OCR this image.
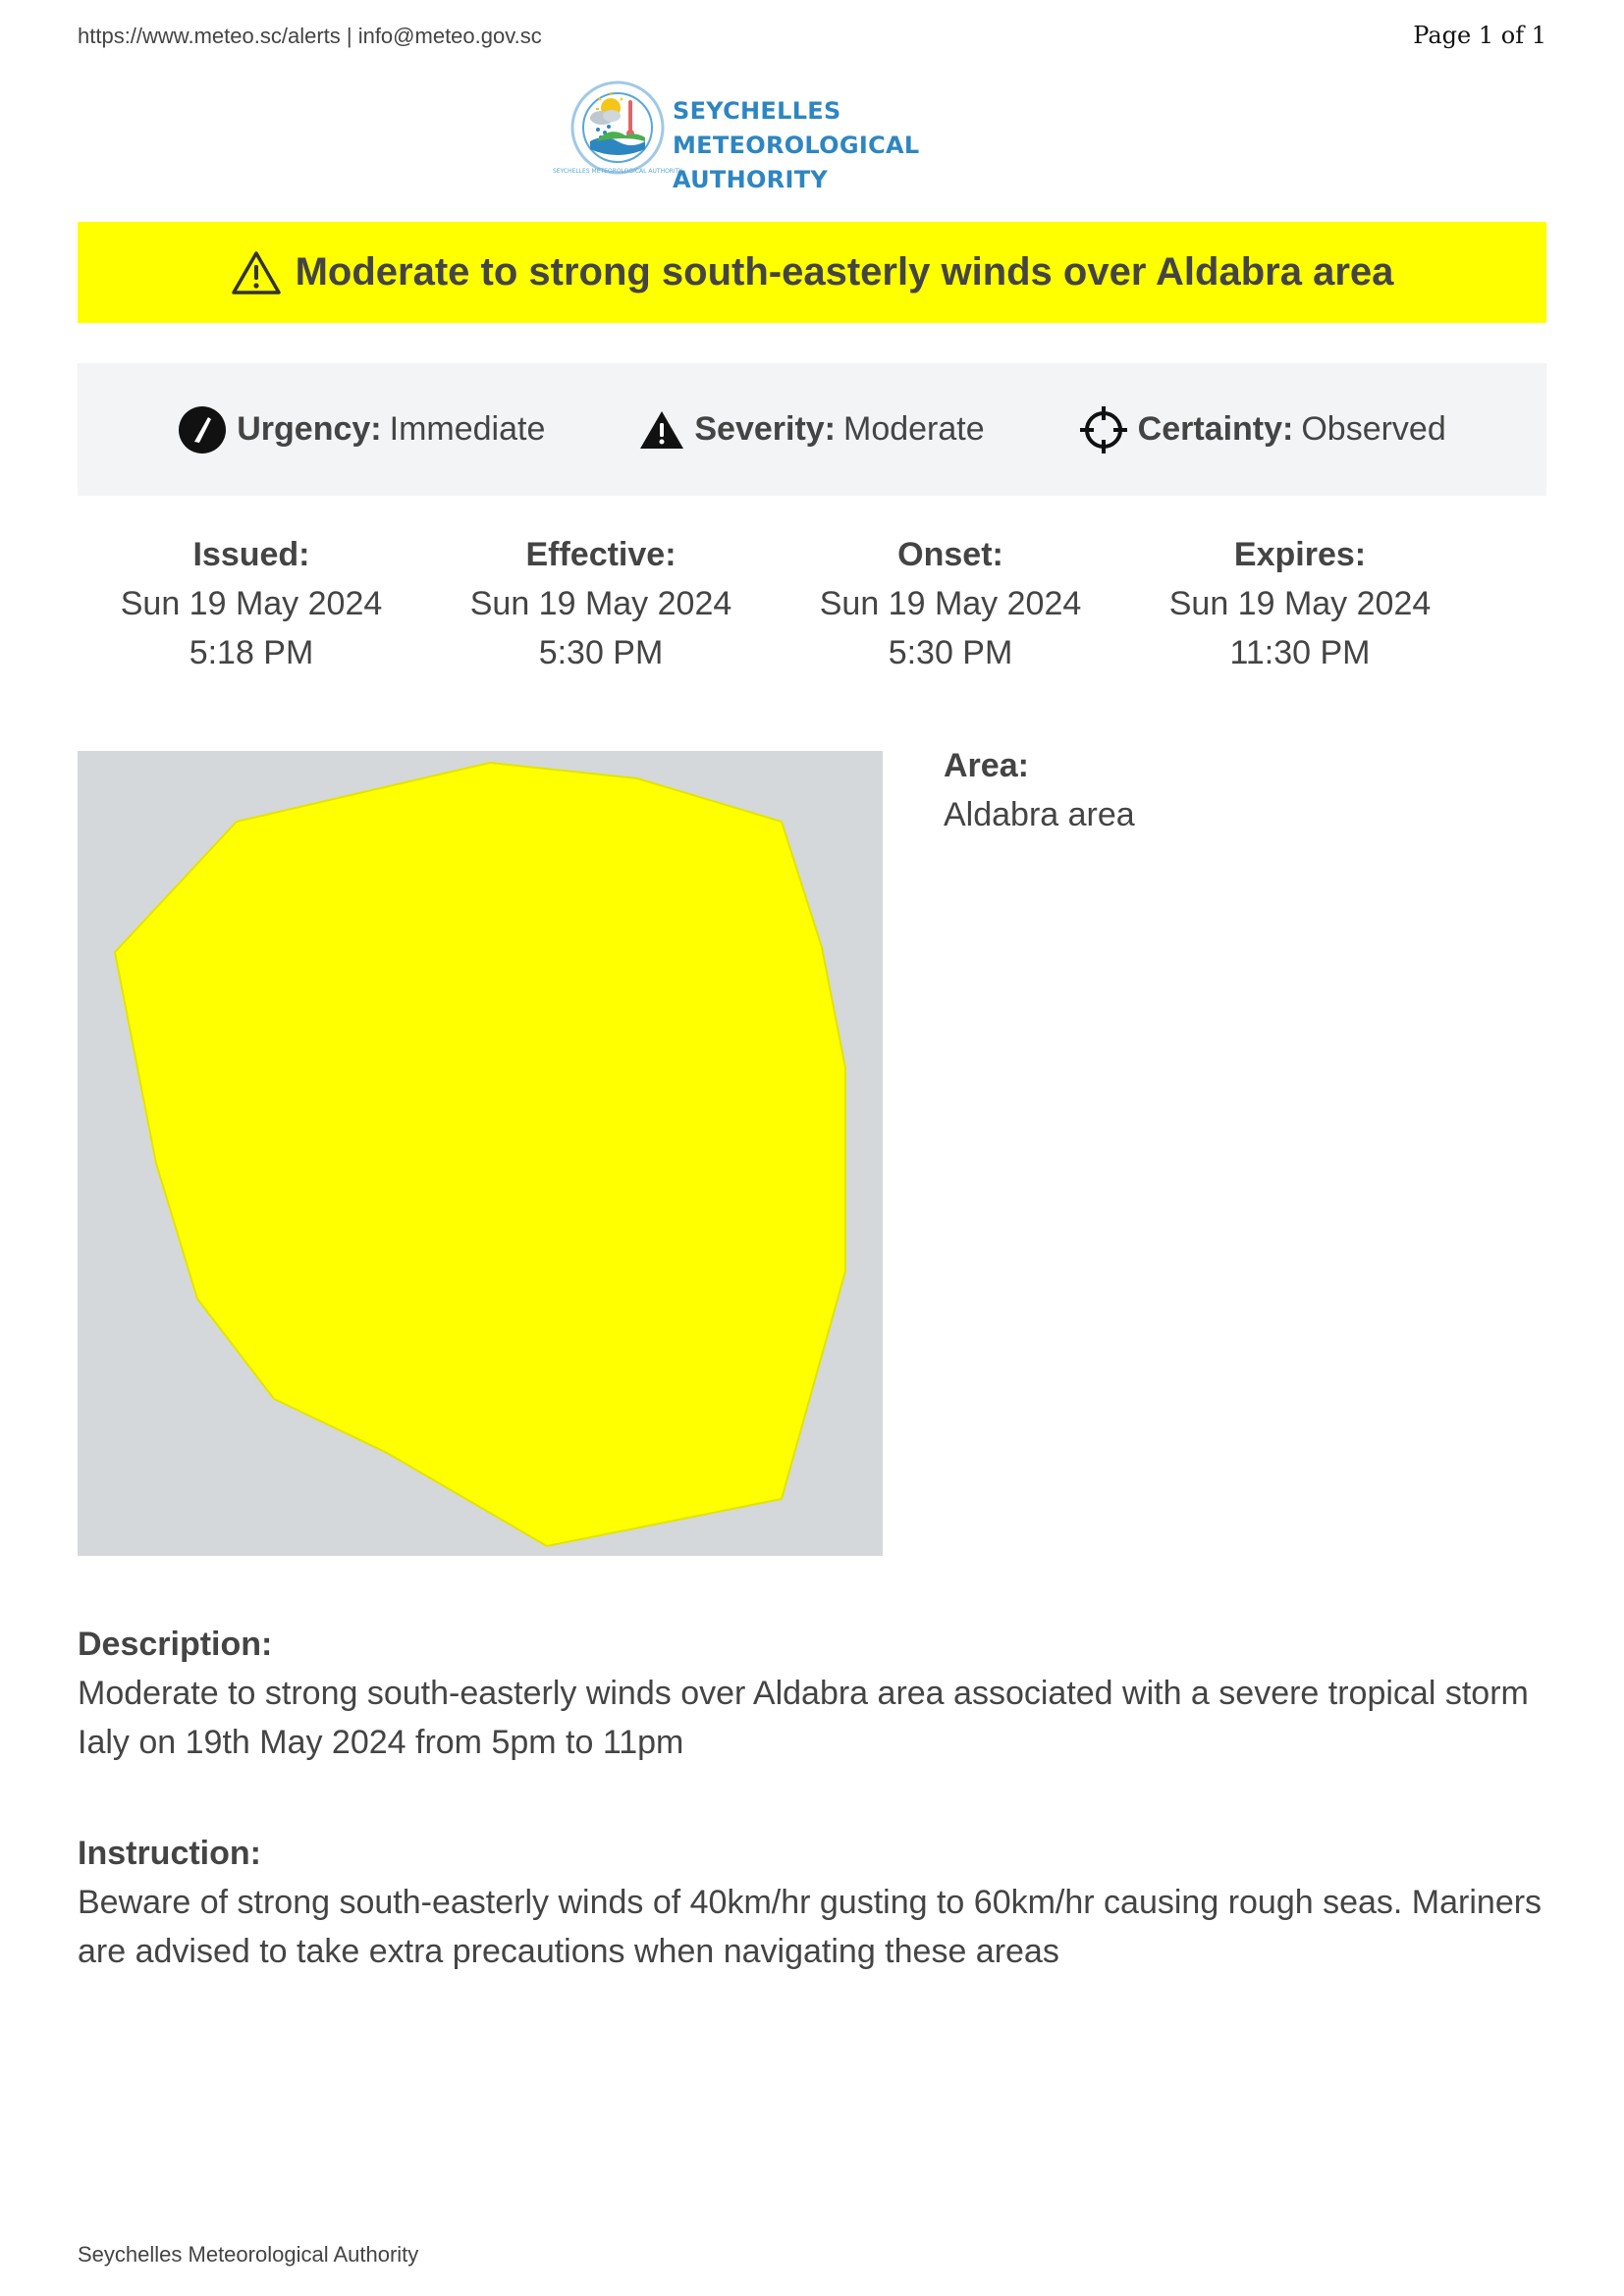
https://www.meteo.sc/alerts | info@meteo.gov.sc	Page 1 of 1
SEYCHELLES METEOROLOGICAL AUTHORITY
SEYCHELLES METEOROLOGICAL
AUTHORITY
Moderate to strong south-easterly winds over Aldabra area
Urgency: Immediate	Severity: Moderate	Certainty: Observed
Issued:
Sun 19 May 2024
5:18 PM
Effective:
Sun 19 May 2024
5:30 PM
Onset:
Sun 19 May 2024
5:30 PM
Expires:
Sun 19 May 2024
11:30 PM
Area:
Aldabra area
Description:
Moderate to strong south-easterly winds over Aldabra area associated with a severe tropical storm Ialy on 19th May 2024 from 5pm to 11pm
Instruction:
Beware of strong south-easterly winds of 40km/hr gusting to 60km/hr causing rough seas. Mariners are advised to take extra precautions when navigating these areas
Seychelles Meteorological Authority
